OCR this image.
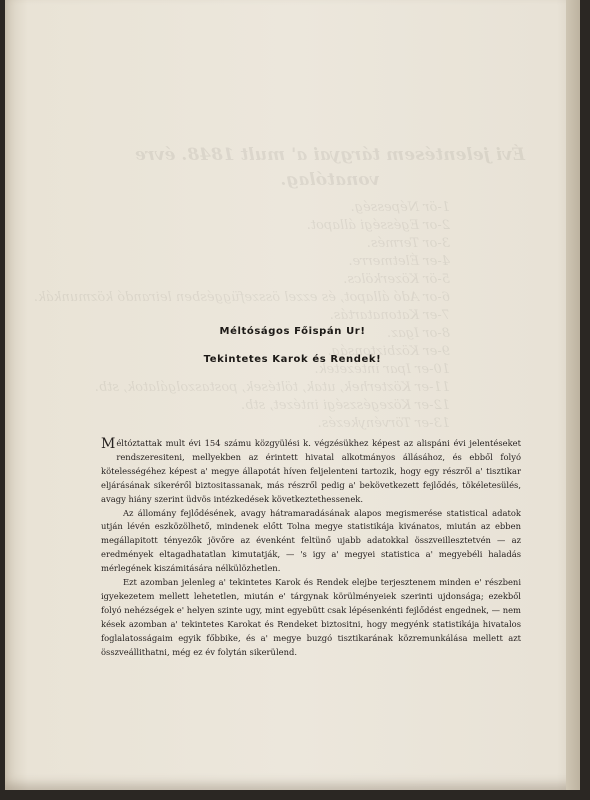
Évi jelentésem tárgyai a' mult 1848. évre
vonatólag.
1-ör Népesség.
2-or Egésségi állapot.
3-or Termés.
4-er Életmerre.
5-ör Közerkölcs.
6-or Adó állapot, és ezzel összefüggésben leirandó közmunkák.
7-er Katonatartás.
8-or Igaz.
9-er Közbiztonság.
10-er Ipar intézetek.
11-er Közterhek, utak, töltések, postaszolgálatok, stb.
12-er Közegészségi intézet, stb.
13-er Törvénykezés.
Méltóságos Főispán Ur!
Tekintetes Karok és Rendek!

Méltóztattak mult évi 154 számu közgyülési k. végzésükhez képest az alispáni évi jelentéseket rendszeresiteni, mellyekben az érintett hivatal alkotmányos állásához, és ebből folyó kötelességéhez képest a' megye állapotát híven feljelenteni tartozik, hogy egy részről a' tisztikar eljárásának sikeréről biztositassanak, más részről pedig a' bekövetkezett fejlődés, tökéletesülés, avagy hiány szerint üdvös intézkedések következtethessenek.

Az állomány fejlődésének, avagy hátramaradásának alapos megismerése statistical adatok utján lévén eszközölhető, mindenek előtt Tolna megye statistikája kivánatos, miután az ebben megállapitott tényezők jövőre az évenként feltünő ujabb adatokkal összveillesztetvén — az eredmények eltagadhatatlan kimutatják, — 's igy a' megyei statistica a' megyebéli haladás mérlegének kiszámitására nélkülözhetlen.

Ezt azomban jelenleg a' tekintetes Karok és Rendek elejbe terjesztenem minden e' részbeni igyekezetem mellett lehetetlen, miután e' tárgynak körülményeiek szerinti ujdonsága; ezekből folyó nehézségek e' helyen szinte ugy, mint egyebütt csak lépésenkénti fejlődést engednek, — nem kések azomban a' tekintetes Karokat és Rendeket biztositni, hogy megyénk statistikája hivatalos foglalatosságaim egyik főbbike, és a' megye buzgó tisztikarának közremunkálása mellett azt összveállithatni, még ez év folytán sikerülend.
